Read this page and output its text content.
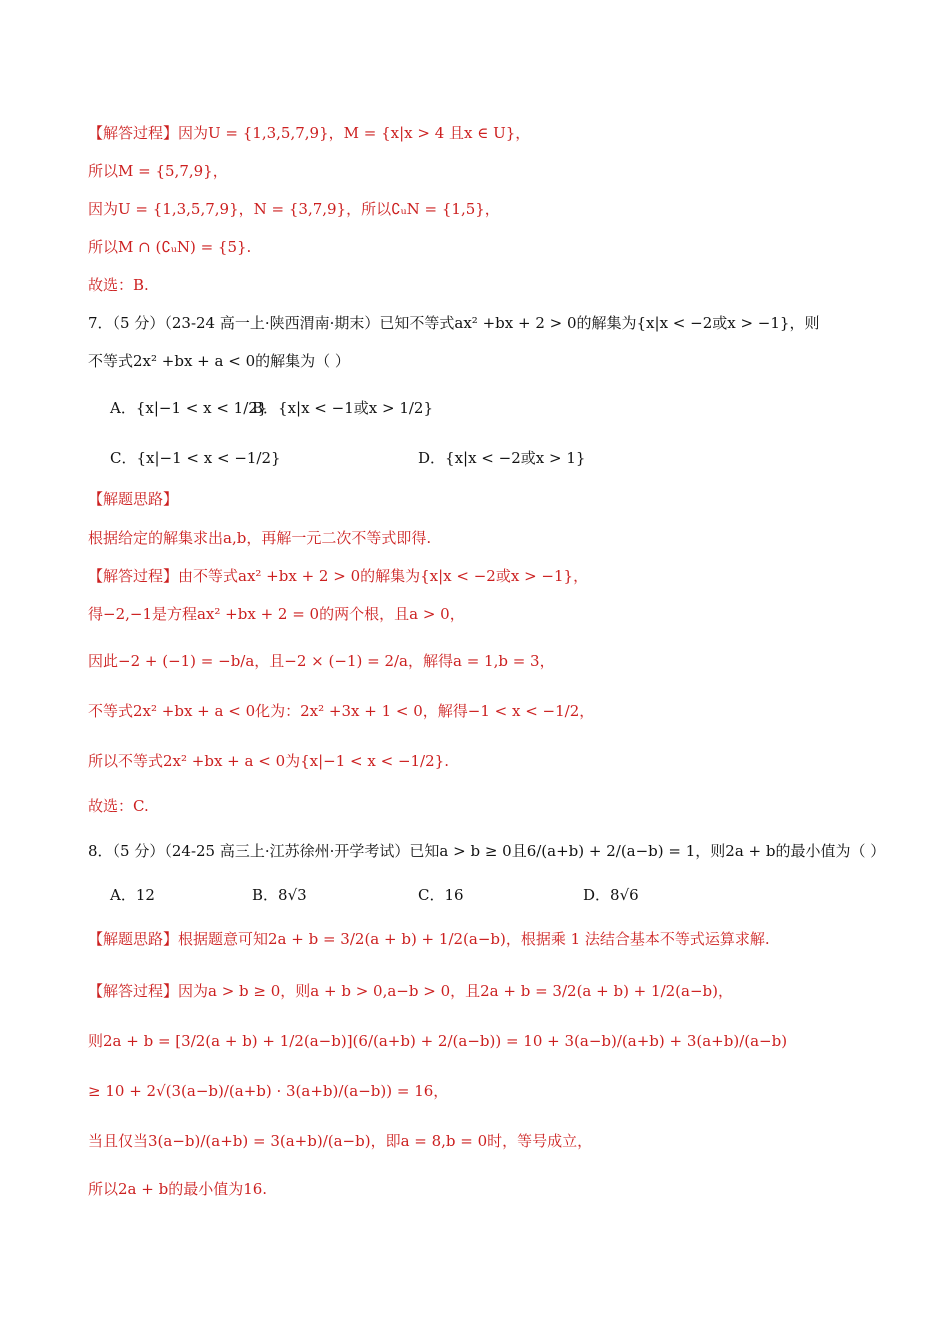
【解答过程】因为U = {1,3,5,7,9}，M = {x|x > 4 且x ∈ U}，
所以M = {5,7,9}，
因为U = {1,3,5,7,9}，N = {3,7,9}，所以∁ᵤN = {1,5}，
所以M ∩ (∁ᵤN) = {5}.
故选：B.
7．（5 分）（23-24 高一上·陕西渭南·期末）已知不等式ax² +bx + 2 > 0的解集为{x|x < −2或x > −1}，则
不等式2x² +bx + a < 0的解集为（ ）
【解题思路】
根据给定的解集求出a,b，再解一元二次不等式即得.
【解答过程】由不等式ax² +bx + 2 > 0的解集为{x|x < −2或x > −1}，
得−2,−1是方程ax² +bx + 2 = 0的两个根，且a > 0，
因此−2 + (−1) = −b/a，且−2 × (−1) = 2/a，解得a = 1,b = 3，
不等式2x² +bx + a < 0化为：2x² +3x + 1 < 0，解得−1 < x < −1/2，
所以不等式2x² +bx + a < 0为{x|−1 < x < −1/2}.
故选：C.
8．（5 分）（24-25 高三上·江苏徐州·开学考试）已知a > b ≥ 0且6/(a+b) + 2/(a−b) = 1，则2a + b的最小值为（ ）
【解题思路】根据题意可知2a + b = 3/2(a + b) + 1/2(a−b)，根据乘 1 法结合基本不等式运算求解.
【解答过程】因为a > b ≥ 0，则a + b > 0,a−b > 0，且2a + b = 3/2(a + b) + 1/2(a−b)，
则2a + b = [3/2(a + b) + 1/2(a−b)](6/(a+b) + 2/(a−b)) = 10 + 3(a−b)/(a+b) + 3(a+b)/(a−b)
≥ 10 + 2√(3(a−b)/(a+b) · 3(a+b)/(a−b)) = 16，
当且仅当3(a−b)/(a+b) = 3(a+b)/(a−b)，即a = 8,b = 0时，等号成立，
所以2a + b的最小值为16.
A．{x|−1 < x < 1/2}
B．{x|x < −1或x > 1/2}
C．{x|−1 < x < −1/2}	D．{x|x < −2或x > 1}
A．12	B．8√3	C．16	D．8√6
